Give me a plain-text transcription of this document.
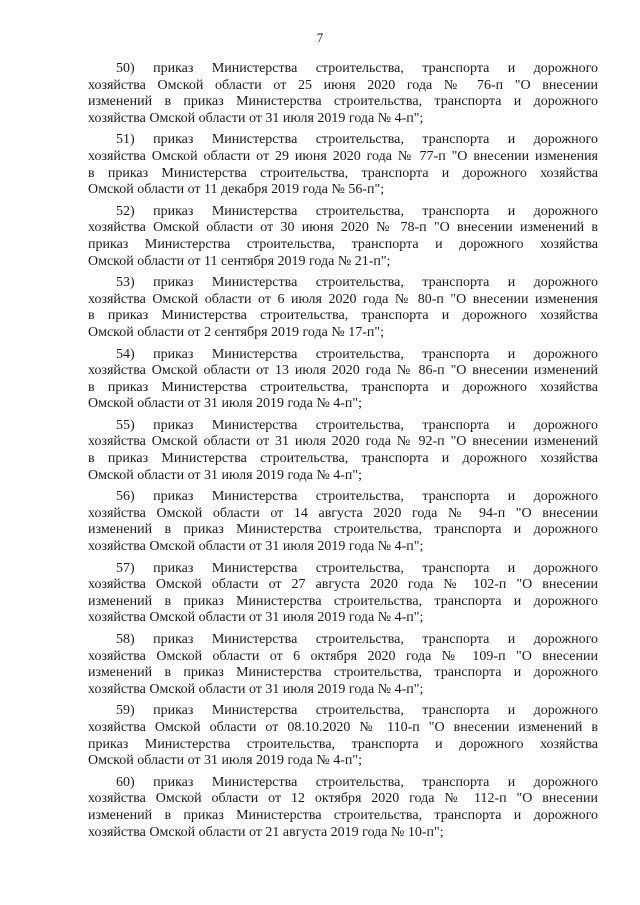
7
50) приказ Министерства строительства, транспорта и дорожного
хозяйства Омской области от 25 июня 2020 года № 76-п "О внесении
изменений в приказ Министерства строительства, транспорта и дорожного
хозяйства Омской области от 31 июля 2019 года № 4-п";
51) приказ Министерства строительства, транспорта и дорожного
хозяйства Омской области от 29 июня 2020 года № 77-п "О внесении изменения
в приказ Министерства строительства, транспорта и дорожного хозяйства
Омской области от 11 декабря 2019 года № 56-п";
52) приказ Министерства строительства, транспорта и дорожного
хозяйства Омской области от 30 июня 2020 № 78-п "О внесении изменений в
приказ Министерства строительства, транспорта и дорожного хозяйства
Омской области от 11 сентября 2019 года № 21-п";
53) приказ Министерства строительства, транспорта и дорожного
хозяйства Омской области от 6 июля 2020 года № 80-п "О внесении изменения
в приказ Министерства строительства, транспорта и дорожного хозяйства
Омской области от 2 сентября 2019 года № 17-п";
54) приказ Министерства строительства, транспорта и дорожного
хозяйства Омской области от 13 июля 2020 года № 86-п "О внесении изменений
в приказ Министерства строительства, транспорта и дорожного хозяйства
Омской области от 31 июля 2019 года № 4-п";
55) приказ Министерства строительства, транспорта и дорожного
хозяйства Омской области от 31 июля 2020 года № 92-п "О внесении изменений
в приказ Министерства строительства, транспорта и дорожного хозяйства
Омской области от 31 июля 2019 года № 4-п";
56) приказ Министерства строительства, транспорта и дорожного
хозяйства Омской области от 14 августа 2020 года № 94-п "О внесении
изменений в приказ Министерства строительства, транспорта и дорожного
хозяйства Омской области от 31 июля 2019 года № 4-п";
57) приказ Министерства строительства, транспорта и дорожного
хозяйства Омской области от 27 августа 2020 года № 102-п "О внесении
изменений в приказ Министерства строительства, транспорта и дорожного
хозяйства Омской области от 31 июля 2019 года № 4-п";
58) приказ Министерства строительства, транспорта и дорожного
хозяйства Омской области от 6 октября 2020 года № 109-п "О внесении
изменений в приказ Министерства строительства, транспорта и дорожного
хозяйства Омской области от 31 июля 2019 года № 4-п";
59) приказ Министерства строительства, транспорта и дорожного
хозяйства Омской области от 08.10.2020 № 110-п "О внесении изменений в
приказ Министерства строительства, транспорта и дорожного хозяйства
Омской области от 31 июля 2019 года № 4-п";
60) приказ Министерства строительства, транспорта и дорожного
хозяйства Омской области от 12 октября 2020 года № 112-п "О внесении
изменений в приказ Министерства строительства, транспорта и дорожного
хозяйства Омской области от 21 августа 2019 года № 10-п";
